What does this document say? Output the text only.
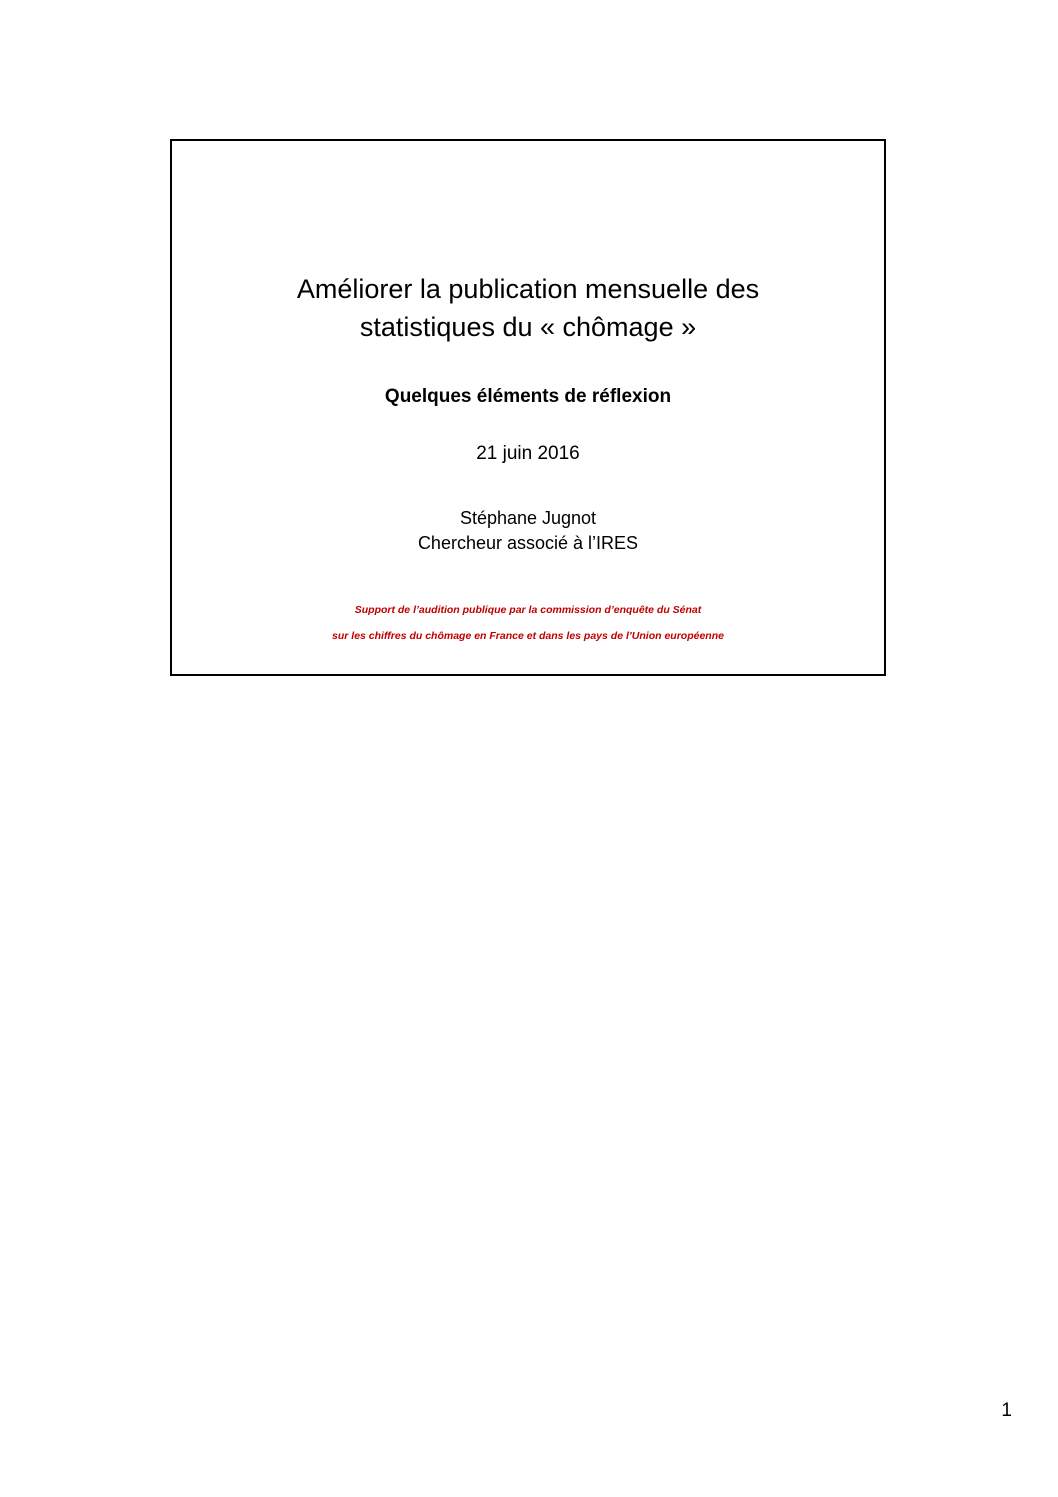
Améliorer la publication mensuelle des
statistiques du « chômage »
Quelques éléments de réflexion
21 juin 2016
Stéphane Jugnot
Chercheur associé à l’IRES
Support de l’audition publique par la commission d’enquête du Sénat
sur les chiffres du chômage en France et dans les pays de l’Union européenne
1
